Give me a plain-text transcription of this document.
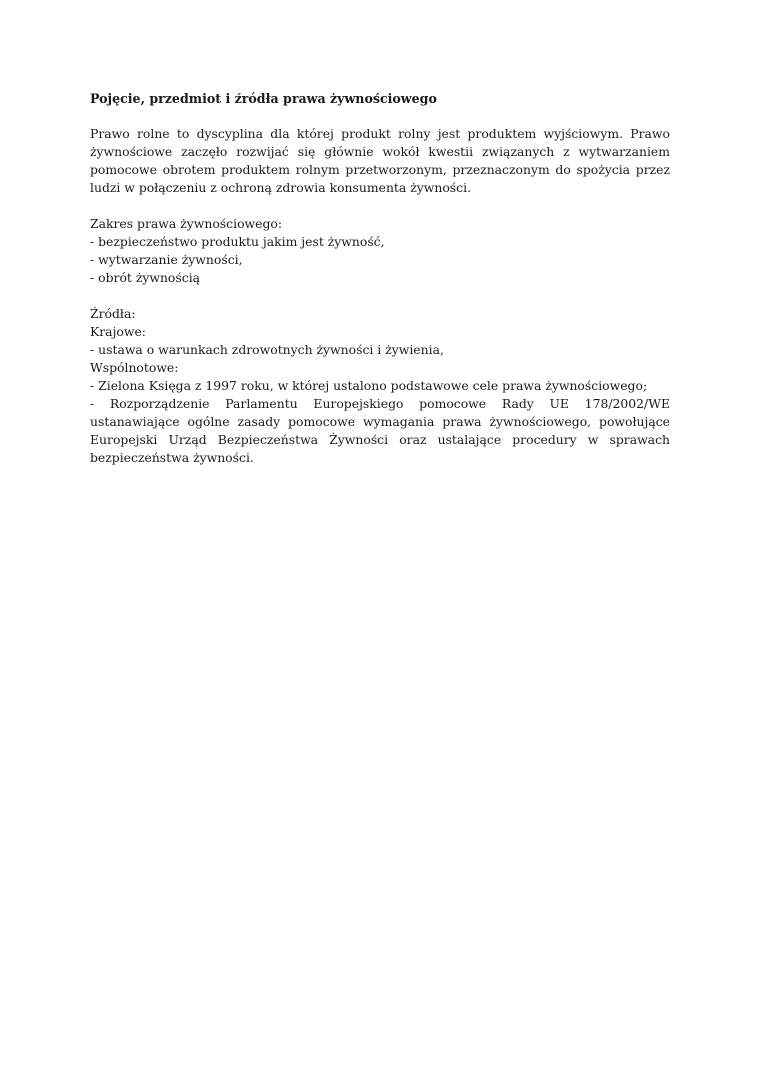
Pojęcie, przedmiot i źródła prawa żywnościowego
Prawo rolne to dyscyplina dla której produkt rolny jest produktem wyjściowym. Prawo żywnościowe zaczęło rozwijać się głównie wokół kwestii związanych z wytwarzaniem pomocowe obrotem produktem rolnym przetworzonym, przeznaczonym do spożycia przez ludzi w połączeniu z ochroną zdrowia konsumenta żywności.
Zakres prawa żywnościowego:
- bezpieczeństwo produktu jakim jest żywność,
- wytwarzanie żywności,
- obrót żywnością
Źródła:
Krajowe:
- ustawa o warunkach zdrowotnych żywności i żywienia,
Wspólnotowe:
- Zielona Księga z 1997 roku, w której ustalono podstawowe cele prawa żywnościowego;
- Rozporządzenie Parlamentu Europejskiego pomocowe Rady UE 178/2002/WE ustanawiające ogólne zasady pomocowe wymagania prawa żywnościowego, powołujące Europejski Urząd Bezpieczeństwa Żywności oraz ustalające procedury w sprawach bezpieczeństwa żywności.
